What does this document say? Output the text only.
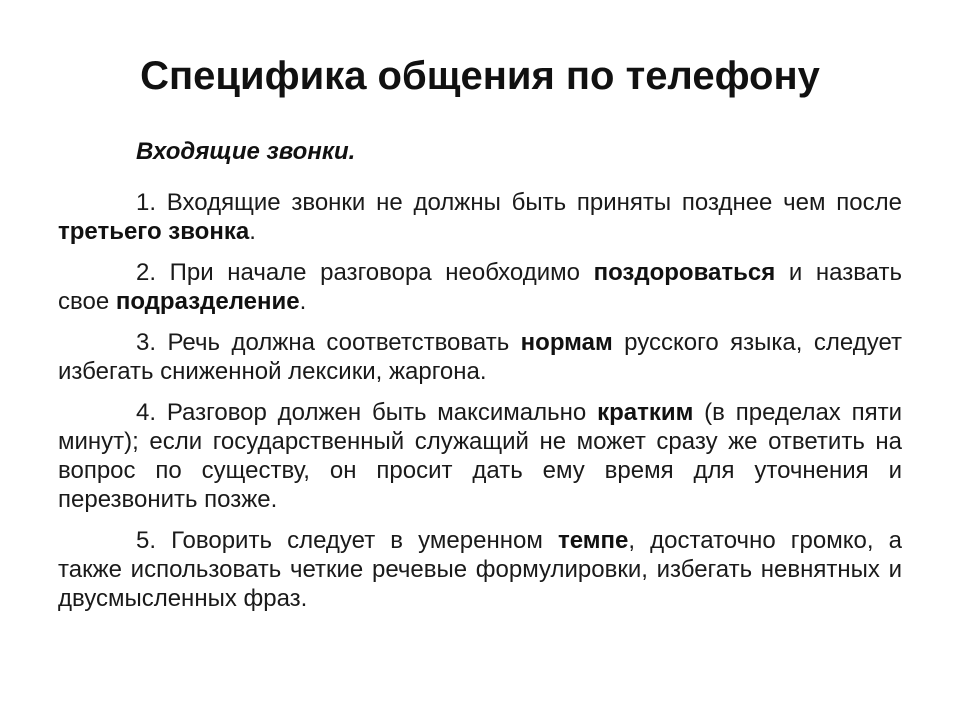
Специфика общения по телефону

Входящие звонки.

1. Входящие звонки не должны быть приняты позднее чем после третьего звонка.

2. При начале разговора необходимо поздороваться и назвать свое подразделение.

3. Речь должна соответствовать нормам русского языка, следует избегать сниженной лексики, жаргона.

4. Разговор должен быть максимально кратким (в пределах пяти минут); если государственный служащий не может сразу же ответить на вопрос по существу, он просит дать ему время для уточнения и перезвонить позже.

5. Говорить следует в умеренном темпе, достаточно громко, а также использовать четкие речевые формулировки, избегать невнятных и двусмысленных фраз.
